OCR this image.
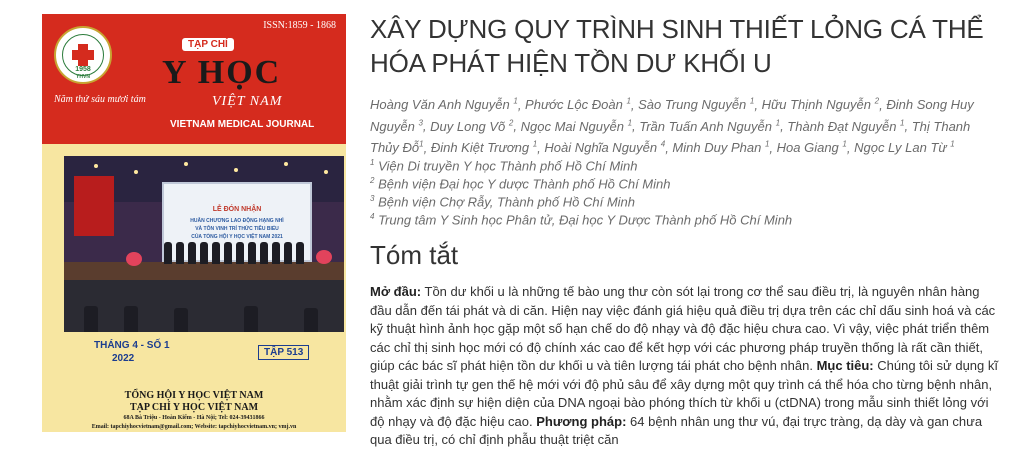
1958
YHVN
ISSN:1859 - 1868
TẠP CHÍ
Y HỌC
VIỆT NAM
VIETNAM MEDICAL JOURNAL
Năm thứ sáu mươi tám
LỄ ĐÓN NHẬN
HUÂN CHƯƠNG LAO ĐỘNG HẠNG NHÌ
VÀ TÔN VINH TRÍ THỨC TIÊU BIỂU
CỦA TỔNG HỘI Y HỌC VIỆT NAM 2021
THÁNG 4 - SỐ 1
2022
TẬP 513
TỔNG HỘI Y HỌC VIỆT NAM
TẠP CHÍ Y HỌC VIỆT NAM
68A Bà Triệu - Hoàn Kiếm - Hà Nội; Tel: 024-39431866
Email: tapchiyhocvietnam@gmail.com; Website: tapchiyhocvietnam.vn; vmj.vn
XÂY DỰNG QUY TRÌNH SINH THIẾT LỎNG CÁ THỂ HÓA PHÁT HIỆN TỒN DƯ KHỐI U

Hoàng Văn Anh Nguyễn $^1$, Phước Lộc Đoàn $^1$, Sào Trung Nguyễn $^1$, Hữu Thịnh Nguyễn $^2$, Đinh Song Huy Nguyễn $^3$, Duy Long Võ $^2$, Ngọc Mai Nguyễn $^1$, Trần Tuấn Anh Nguyễn $^1$, Thành Đạt Nguyễn $^1$, Thị Thanh Thủy Đỗ$^1$, Đinh Kiệt Trương $^1$, Hoài Nghĩa Nguyễn $^4$, Minh Duy Phan $^1$, Hoa Giang $^1$, Ngọc Ly Lan Từ $^1$

$^1$ Viện Di truyền Y học Thành phố Hồ Chí Minh

$^2$ Bệnh viện Đại học Y dược Thành phố Hồ Chí Minh

$^3$ Bệnh viện Chợ Rẫy, Thành phố Hồ Chí Minh

$^4$ Trung tâm Y Sinh học Phân tử, Đại học Y Dược Thành phố Hồ Chí Minh

Tóm tắt

Mở đầu: Tồn dư khối u là những tế bào ung thư còn sót lại trong cơ thể sau điều trị, là nguyên nhân hàng đầu dẫn đến tái phát và di căn. Hiện nay việc đánh giá hiệu quả điều trị dựa trên các chỉ dấu sinh hoá và các kỹ thuật hình ảnh học gặp một số hạn chế do độ nhạy và độ đặc hiệu chưa cao. Vì vậy, việc phát triển thêm các chỉ thị sinh học mới có độ chính xác cao để kết hợp với các phương pháp truyền thống là rất cần thiết, giúp các bác sĩ phát hiện tồn dư khối u và tiên lượng tái phát cho bệnh nhân. Mục tiêu: Chúng tôi sử dụng kĩ thuật giải trình tự gen thế hệ mới với độ phủ sâu để xây dựng một quy trình cá thể hóa cho từng bệnh nhân, nhằm xác định sự hiện diện của DNA ngoại bào phóng thích từ khối u (ctDNA) trong mẫu sinh thiết lỏng với độ nhạy và độ đặc hiệu cao. Phương pháp: 64 bệnh nhân ung thư vú, đại trực tràng, dạ dày và gan chưa qua điều trị, có chỉ định phẫu thuật triệt căn
